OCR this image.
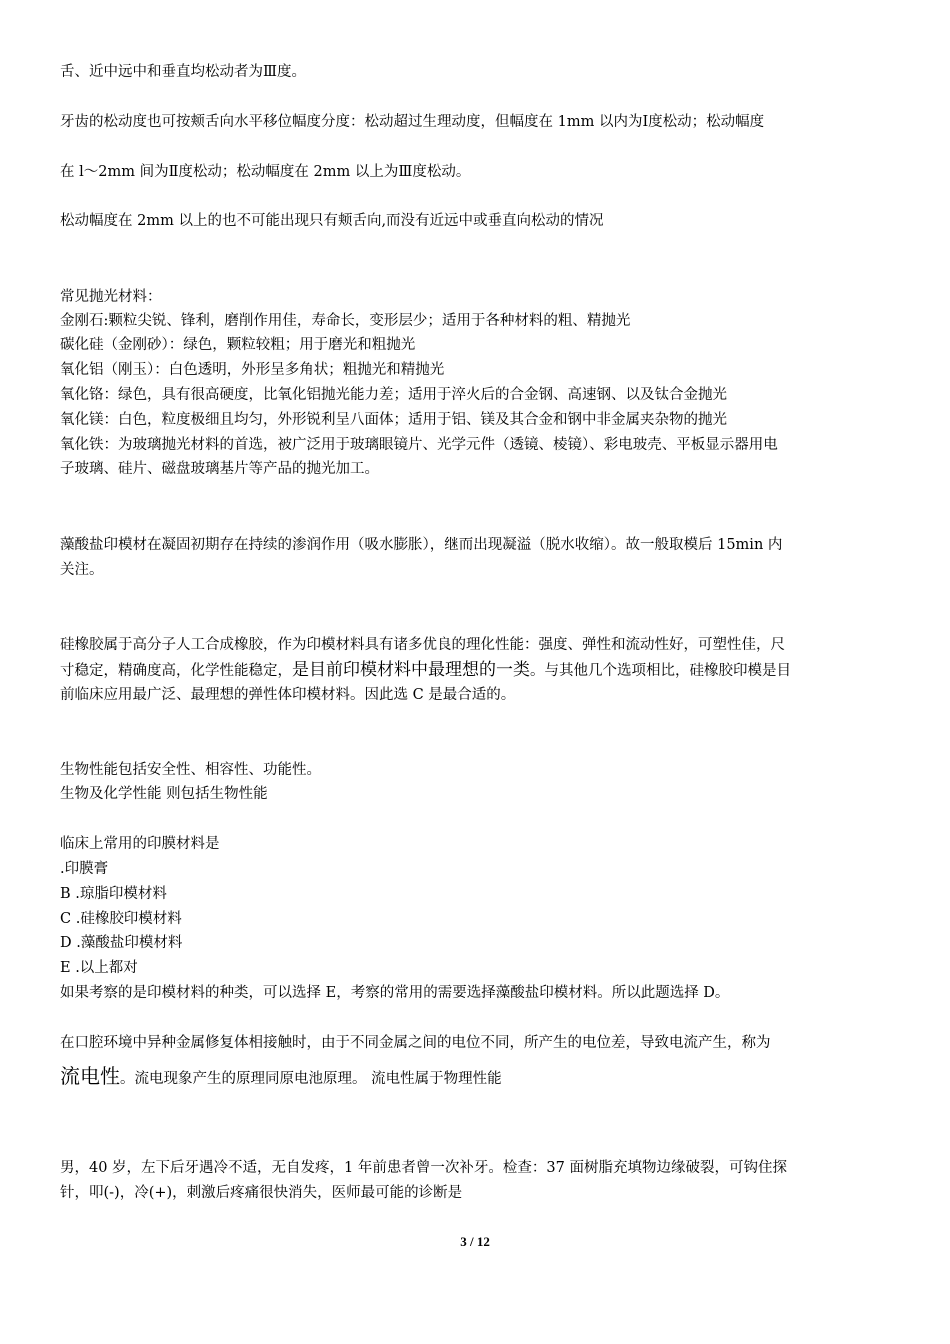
舌、近中远中和垂直均松动者为Ⅲ度。
牙齿的松动度也可按颊舌向水平移位幅度分度：松动超过生理动度，但幅度在 1mm 以内为Ⅰ度松动；松动幅度
在 l～2mm 间为Ⅱ度松动；松动幅度在 2mm 以上为Ⅲ度松动。
松动幅度在 2mm 以上的也不可能出现只有颊舌向,而没有近远中或垂直向松动的情况
常见抛光材料：
金刚石:颗粒尖锐、锋利，磨削作用佳，寿命长，变形层少；适用于各种材料的粗、精抛光
碳化硅（金刚砂）：绿色，颗粒较粗；用于磨光和粗抛光
氧化铝（刚玉）：白色透明，外形呈多角状；粗抛光和精抛光
氧化铬：绿色，具有很高硬度，比氧化铝抛光能力差；适用于淬火后的合金钢、高速钢、以及钛合金抛光
氧化镁：白色，粒度极细且均匀，外形锐利呈八面体；适用于铝、镁及其合金和钢中非金属夹杂物的抛光
氧化铁：为玻璃抛光材料的首选，被广泛用于玻璃眼镜片、光学元件（透镜、棱镜）、彩电玻壳、平板显示器用电
子玻璃、硅片、磁盘玻璃基片等产品的抛光加工。
藻酸盐印模材在凝固初期存在持续的渗润作用（吸水膨胀），继而出现凝溢（脱水收缩）。故一般取模后 15min 内
关注。
硅橡胶属于高分子人工合成橡胶，作为印模材料具有诸多优良的理化性能：强度、弹性和流动性好，可塑性佳，尺
寸稳定，精确度高，化学性能稳定，是目前印模材料中最理想的一类。与其他几个选项相比，硅橡胶印模是目
前临床应用最广泛、最理想的弹性体印模材料。因此选 C 是最合适的。
生物性能包括安全性、相容性、功能性。
生物及化学性能 则包括生物性能
临床上常用的印膜材料是
.印膜膏
B .琼脂印模材料
C .硅橡胶印模材料
D .藻酸盐印模材料
E .以上都对
如果考察的是印模材料的种类，可以选择 E，考察的常用的需要选择藻酸盐印模材料。所以此题选择 D。
在口腔环境中异种金属修复体相接触时，由于不同金属之间的电位不同，所产生的电位差，导致电流产生，称为
流电性。流电现象产生的原理同原电池原理。 流电性属于物理性能
男，40 岁，左下后牙遇冷不适，无自发疼，1 年前患者曾一次补牙。检查：37 面树脂充填物边缘破裂，可钩住探
针，叩(-)，冷(+)，刺激后疼痛很快消失，医师最可能的诊断是
3 / 12
